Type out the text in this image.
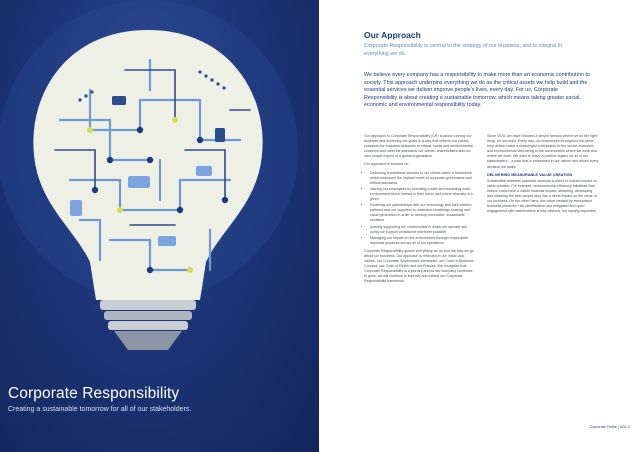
Corporate Responsibility

Creating a sustainable tomorrow for all of our stakeholders.

Our Approach

Corporate Responsibility is central to the strategy of our business, and is integral to everything we do.

We believe every company has a responsibility to make more than an economic contribution to society. This approach underpins everything we do as the critical assets we help build and the essential services we deliver improve people’s lives, every day. For us, Corporate Responsibility is about creating a sustainable tomorrow, which means taking greater social, economic and environmental responsibility today.

Our approach to Corporate Responsibility (CR) is about running our business and achieving our goals in a way that reflects our values; connects our business decisions to ethical, social and environmental concerns and meet the standards our clients, shareholders and our own people expect of a global organisation.

Our approach is focused on:

• Delivering exceptional services to our clients within a framework which embraces the highest levels of corporate governance and ethical standards.
• Valuing our employees by providing a safe and rewarding work environment which invests in their future and where diversity is a given.
• Fostering our partnerships with our technology and joint venture partners and our suppliers to maximise knowledge sharing and value generation in order to develop innovative, sustainable solutions.
• Actively supporting the communities in which we operate and using our support constituent wherever possible.
• Managing our impact on the environment through responsible business practices across all of our operations.

Corporate Responsibility guides everything we do and the way we go about our business. Our approach is reflected in our Vision and Values, our Corporate Governance framework, our Code of Business Conduct, our Code of Ethics and our Policies. We recognise that Corporate Responsibility is a journey and as our company continues to grow, we will continue to improve and extend our Corporate Responsibility framework.

Since 1970, we have followed a simple formula where we do the right thing, we succeed. Every day, our businesses throughout the world, they deliver make a meaningful contribution to the social, economic and environmental well-being of the communities where we work and where we work. We want to leave a positive legacy for all of our stakeholders – a past that is embedded in our values and drives every decision we make.

DELIVERING MEASURABLE VALUE CREATION

Sustainable business practices continue a direct or indirect impact on value creation. For example, environmental efficiency initiatives that reduce costs have a visible financial impact. Attracting, developing and retaining the best people also has a direct impact on the value of our business. On the other hand, the value created by transparent business practices, risk identification and mitigation and open engagement with stakeholders is less obvious, but equally important.

Corporate Profile | UGL 3
